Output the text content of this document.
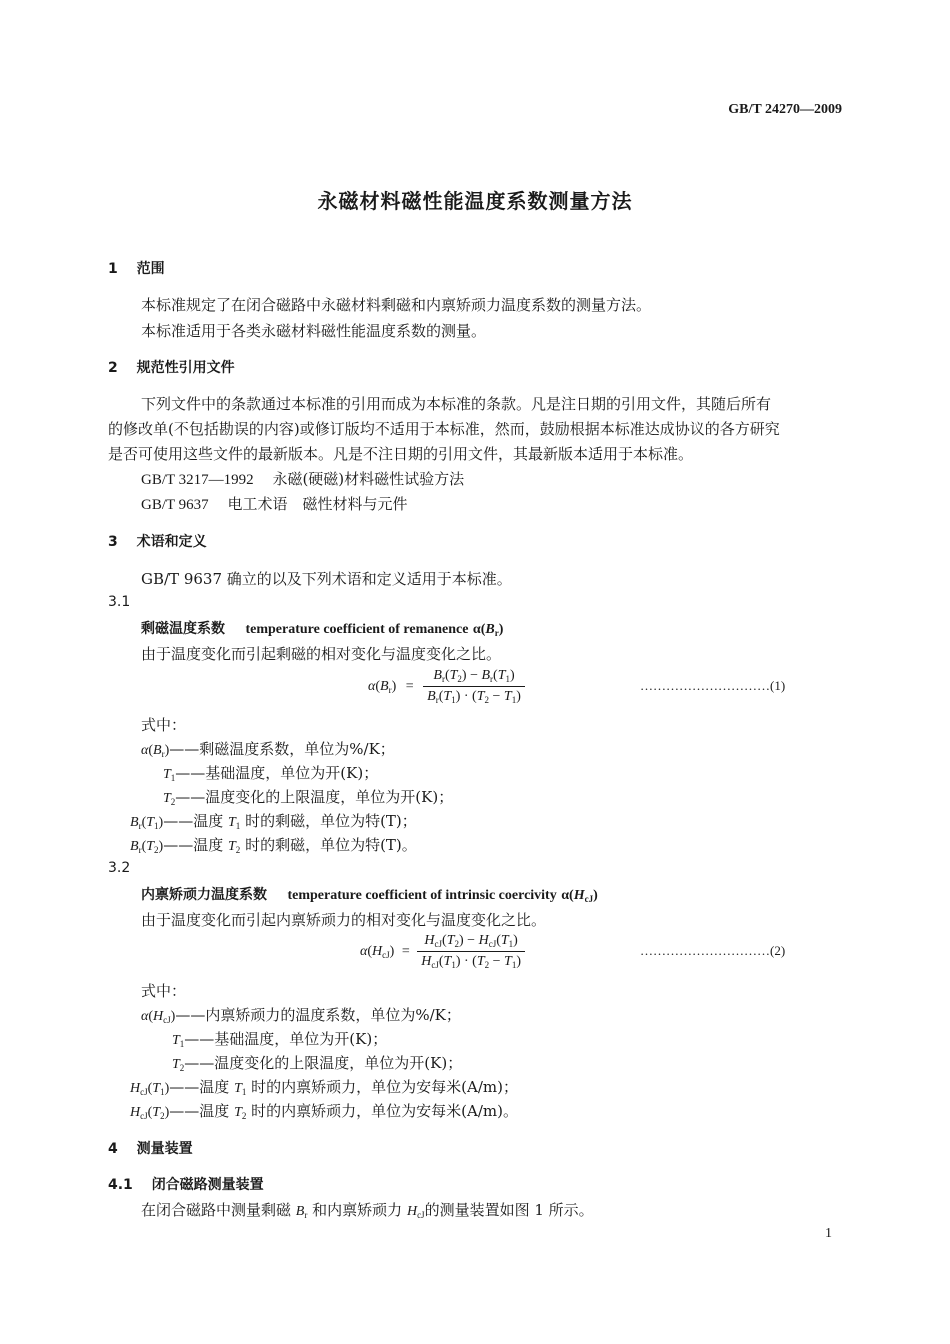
GB/T 24270—2009
永磁材料磁性能温度系数测量方法
1 范围
本标准规定了在闭合磁路中永磁材料剩磁和内禀矫顽力温度系数的测量方法。
本标准适用于各类永磁材料磁性能温度系数的测量。
2 规范性引用文件
下列文件中的条款通过本标准的引用而成为本标准的条款。凡是注日期的引用文件，其随后所有
的修改单(不包括勘误的内容)或修订版均不适用于本标准，然而，鼓励根据本标准达成协议的各方研究
是否可使用这些文件的最新版本。凡是不注日期的引用文件，其最新版本适用于本标准。
GB/T 3217—1992 永磁(硬磁)材料磁性试验方法
GB/T 9637 电工术语　磁性材料与元件
3 术语和定义
GB/T 9637 确立的以及下列术语和定义适用于本标准。
3.1
剩磁温度系数 temperature coefficient of remanence $\alpha(B_r)$
由于温度变化而引起剩磁的相对变化与温度变化之比。
$\alpha(B_r) = \frac{B_r(T_2) - B_r(T_1)}{B_r(T_1) \cdot (T_2 - T_1)}$	…………………………(1)
式中：
$\alpha(B_r)——$剩磁温度系数，单位为%/K；
$T_1——$基础温度，单位为开(K)；
$T_2——$温度变化的上限温度，单位为开(K)；
$B_r(T_1)——$温度 $T_1$ 时的剩磁，单位为特(T)；
$B_r(T_2)——$温度 $T_2$ 时的剩磁，单位为特(T)。
3.2
内禀矫顽力温度系数 temperature coefficient of intrinsic coercivity $\alpha(H_{cJ})$
由于温度变化而引起内禀矫顽力的相对变化与温度变化之比。
$\alpha(H_{cJ}) = \frac{H_{cJ}(T_2) - H_{cJ}(T_1)}{H_{cJ}(T_1) \cdot (T_2 - T_1)}$	…………………………(2)
式中：
$\alpha(H_{cJ})——$内禀矫顽力的温度系数，单位为%/K；
$T_1——$基础温度，单位为开(K)；
$T_2——$温度变化的上限温度，单位为开(K)；
$H_{cJ}(T_1)——$温度 $T_1$ 时的内禀矫顽力，单位为安每米(A/m)；
$H_{cJ}(T_2)——$温度 $T_2$ 时的内禀矫顽力，单位为安每米(A/m)。
4 测量装置
4.1 闭合磁路测量装置
在闭合磁路中测量剩磁 $B_r$ 和内禀矫顽力 $H_{cJ}$的测量装置如图 1 所示。
1
